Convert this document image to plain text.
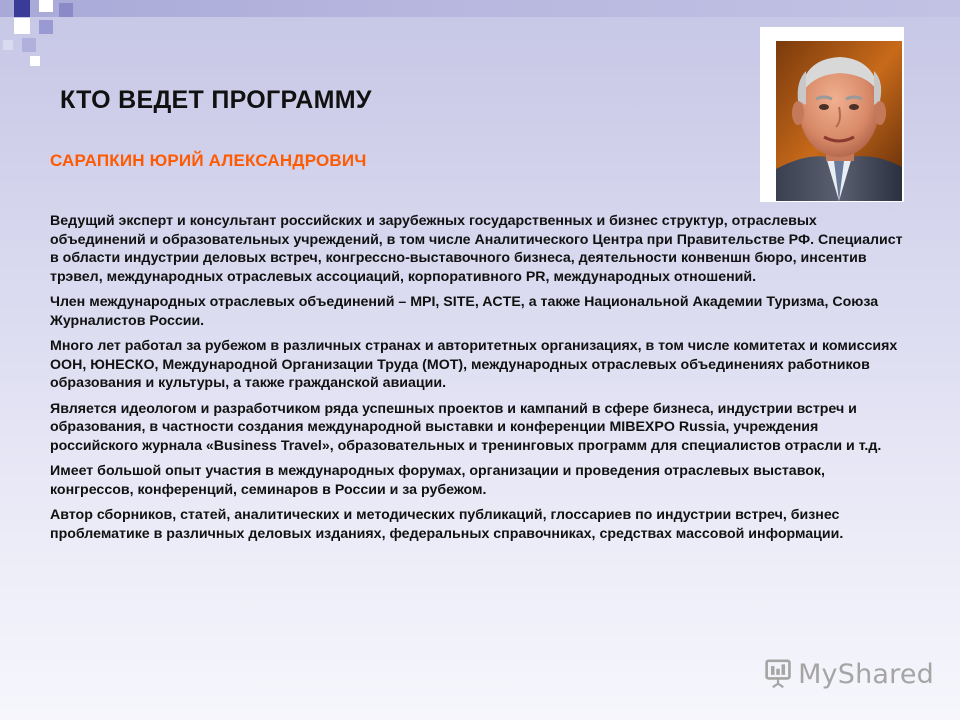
КТО ВЕДЕТ ПРОГРАММУ
САРАПКИН ЮРИЙ АЛЕКСАНДРОВИЧ

Ведущий эксперт и консультант российских и зарубежных государственных и бизнес структур, отраслевых объединений и образовательных учреждений, в том числе Аналитического Центра при Правительстве РФ. Специалист в области индустрии деловых встреч, конгрессно-выставочного бизнеса, деятельности конвеншн бюро, инсентив трэвел, международных отраслевых ассоциаций, корпоративного PR, международных отношений.

Член международных отраслевых объединений – MPI, SITE, ACTE, а также Национальной Академии Туризма, Союза Журналистов России.

Много лет работал за рубежом в различных странах и авторитетных организациях, в том числе комитетах и комиссиях ООН, ЮНЕСКО, Международной Организации Труда (МОТ), международных отраслевых объединениях работников образования и культуры, а также гражданской авиации.

Является идеологом и разработчиком ряда успешных проектов и кампаний в сфере бизнеса, индустрии встреч и образования, в частности создания международной выставки и конференции MIBEXPO Russia, учреждения российского журнала «Business Travel», образовательных и тренинговых программ для специалистов отрасли и т.д.

Имеет большой опыт участия в международных форумах, организации и проведения отраслевых выставок, конгрессов, конференций, семинаров в России и за рубежом.

Автор сборников, статей, аналитических и методических публикаций, глоссариев по индустрии встреч, бизнес проблематике в различных деловых изданиях, федеральных справочниках, средствах массовой информации.

MyShared
